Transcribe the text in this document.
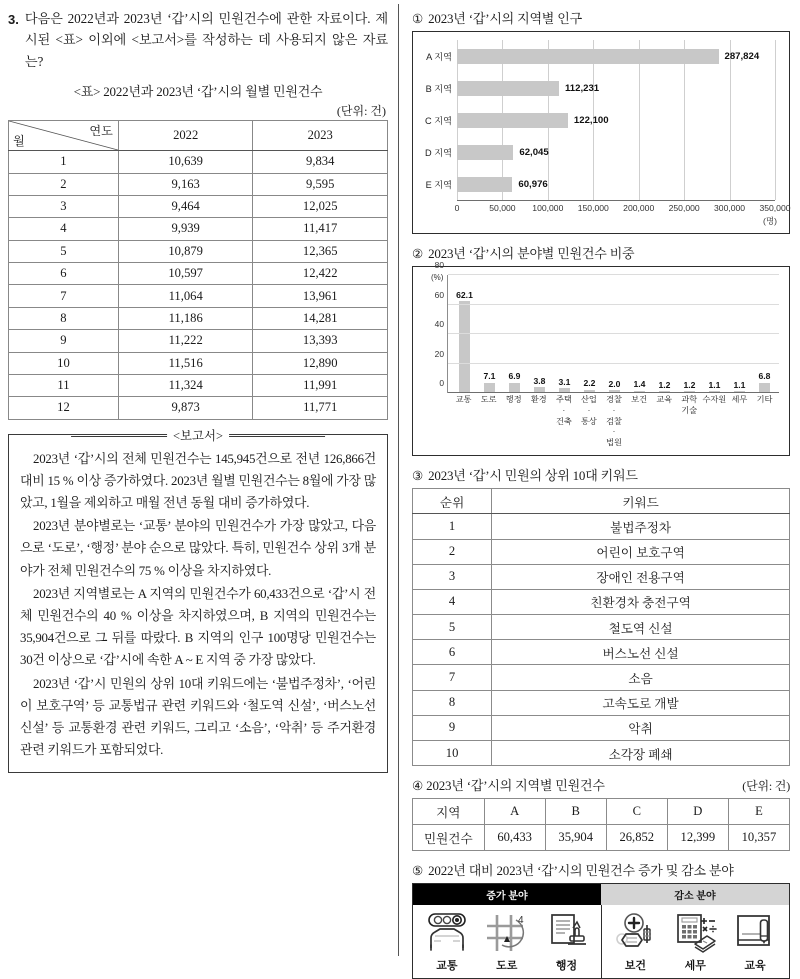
3. 다음은 2022년과 2023년 ‘갑’시의 민원건수에 관한 자료이다. 제시된 <표> 이외에 <보고서>를 작성하는 데 사용되지 않은 자료는?
<표> 2022년과 2023년 ‘갑’시의 월별 민원건수
(단위: 건)
연도
월	2022	2023
1	10,639	9,834
2	9,163	9,595
3	9,464	12,025
4	9,939	11,417
5	10,879	12,365
6	10,597	12,422
7	11,064	13,961
8	11,186	14,281
9	11,222	13,393
10	11,516	12,890
11	11,324	11,991
12	9,873	11,771
<보고서>

2023년 ‘갑’시의 전체 민원건수는 145,945건으로 전년 126,866건 대비 15 % 이상 증가하였다. 2023년 월별 민원건수는 8월에 가장 많았고, 1월을 제외하고 매월 전년 동월 대비 증가하였다.

2023년 분야별로는 ‘교통’ 분야의 민원건수가 가장 많았고, 다음으로 ‘도로’, ‘행정’ 분야 순으로 많았다. 특히, 민원건수 상위 3개 분야가 전체 민원건수의 75 % 이상을 차지하였다.

2023년 지역별로는 A 지역의 민원건수가 60,433건으로 ‘갑’시 전체 민원건수의 40 % 이상을 차지하였으며, B 지역의 민원건수는 35,904건으로 그 뒤를 따랐다. B 지역의 인구 100명당 민원건수는 30건 이상으로 ‘갑’시에 속한 A ~ E 지역 중 가장 많았다.

2023년 ‘갑’시 민원의 상위 10대 키워드에는 ‘불법주정차’, ‘어린이 보호구역’ 등 교통법규 관련 키워드와 ‘철도역 신설’, ‘버스노선 신설’ 등 교통환경 관련 키워드, 그리고 ‘소음’, ‘악취’ 등 주거환경 관련 키워드가 포함되었다.

① 2023년 ‘갑’시의 지역별 인구
A 지역	287,824
B 지역	112,231
C 지역	122,100
D 지역	62,045
E 지역	60,976
0	50,000 100,000 150,000 200,000 250,000 300,000 350,000
(명)
② 2023년 ‘갑’시의 분야별 민원건수 비중
(%)
62.1
7.1 6.9 3.8 3.1 2.2 2.0 1.4 1.2 1.2 1.1 1.1
6.8
0
20
40
60
80
교통	도로	행정	환경	주택
·
건축
산업
·
통상
경찰
·
검찰
·
법원
보건	교육	과학
기술
수자원 세무	기타
③ 2023년 ‘갑’시 민원의 상위 10대 키워드
순위	키워드
1	불법주정차
2	어린이 보호구역
3	장애인 전용구역
4	친환경차 충전구역
5	철도역 신설
6	버스노선 신설
7	소음
8	고속도로 개발
9	악취
10	소각장 폐쇄
④ 2023년 ‘갑’시의 지역별 민원건수	(단위: 건)
지역	A	B	C	D	E
민원건수	60,433	35,904	26,852	12,399	10,357
⑤ 2022년 대비 2023년 ‘갑’시의 민원건수 증가 및 감소 분야
증가 분야	감소 분야
교통
4
도로	행정	보건	세무	교육
